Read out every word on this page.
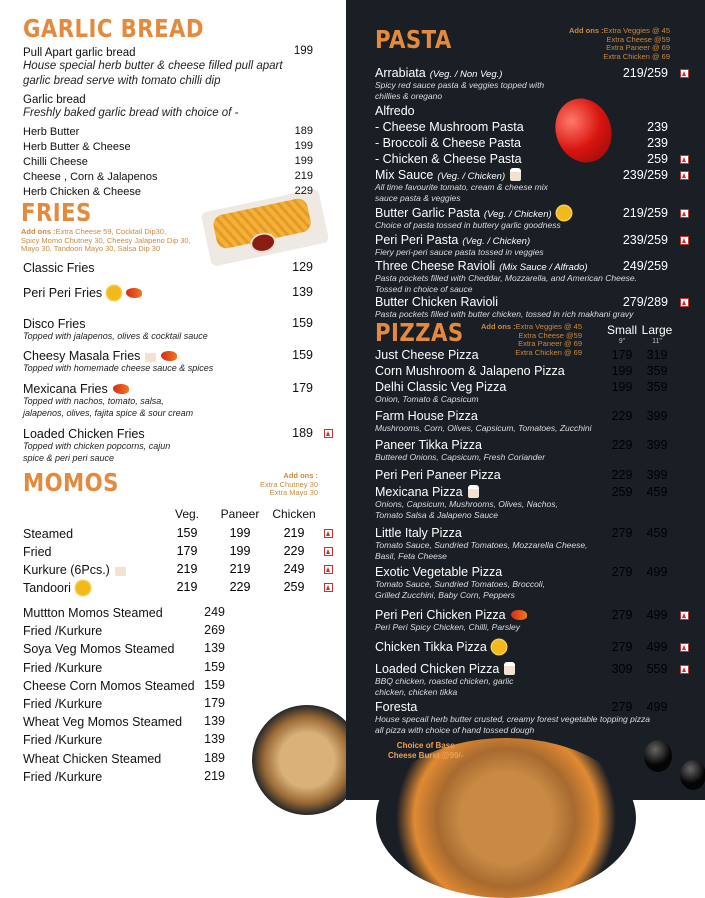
GARLIC BREAD
Pull Apart garlic bread	199
House special herb butter & cheese filled pull apart
garlic bread serve with tomato chilli dip
Garlic bread
Freshly baked garlic bread with choice of -
Herb Butter	189
Herb Butter & Cheese	199
Chilli Cheese	199
Cheese , Corn & Jalapenos	219
Herb Chicken & Cheese	229
FRIES
Add ons :Extra Cheese 59, Cocktail Dip30,
Spicy Momo Chutney 30, Cheesy Jalapeno Dip 30,
Mayo 30, Tandoori Mayo 30, Salsa Dip 30
Classic Fries	129
Peri Peri Fries	139
Disco Fries	159
Topped with jalapenos, olives & cocktail sauce
Cheesy Masala Fries	159
Topped with homemade cheese sauce & spices
Mexicana Fries	179
Topped with nachos, tomato, salsa,
jalapenos, olives, fajita spice & sour cream
Loaded Chicken Fries	189
Topped with chicken popcorns, cajun
spice & peri peri sauce
MOMOS	Add ons :
Extra Chutney 30
Extra Mayo 30
Veg.	Paneer	Chicken
Steamed	159	199	219
Fried	179	199	229
Kurkure (6Pcs.)	219	219	249
Tandoori	219	229	259
Muttton Momos Steamed	249
Fried /Kurkure	269
Soya Veg Momos Steamed 139
Fried /Kurkure	159
Cheese Corn Momos Steamed 159
Fried /Kurkure	179
Wheat Veg Momos Steamed 139
Fried /Kurkure	139
Wheat Chicken Steamed	189
Fried /Kurkure	219
PASTA	Add ons :Extra Veggies @ 45
Extra Cheese @59
Extra Paneer @ 69
Extra Chicken @ 69
Arrabiata (Veg. / Non Veg.)	219/259
Spicy red sauce pasta & veggies topped with
chillies & oregano
Alfredo
- Cheese Mushroom Pasta	239
- Broccoli & Cheese Pasta	239
- Chicken & Cheese Pasta	259
Mix Sauce (Veg. / Chicken)	239/259
All time favourite tomato, cream & cheese mix
sauce pasta & veggies
Butter Garlic Pasta (Veg. / Chicken)	219/259
Choice of pasta tossed in buttery garlic goodness
Peri Peri Pasta (Veg. / Chicken)	239/259
Fiery peri-peri sauce pasta tossed in veggies
Three Cheese Ravioli (Mix Sauce / Alfrado)	249/259
Pasta pockets filled with Cheddar, Mozzarella, and American Cheese.
Tossed in choice of sauce
Butter Chicken Ravioli	279/289
Pasta pockets filled with butter chicken, tossed in rich makhani gravy
PIZZAS Add ons :Extra Veggies @ 45
Extra Cheese @59
Extra Paneer @ 69
Extra Chicken @ 69
Small
9"
Large
11"
Just Cheese Pizza	179	319
Corn Mushroom & Jalapeno Pizza	199	359
Delhi Classic Veg Pizza	199	359
Onion, Tomato & Capsicum
Farm House Pizza	229	399
Mushrooms, Corn, Olives, Capsicum, Tomatoes, Zucchini
Paneer Tikka Pizza	229	399
Buttered Onions, Capsicum, Fresh Coriander
Peri Peri Paneer Pizza	229	399
Mexicana Pizza	259	459
Onions, Capsicum, Mushrooms, Olives, Nachos,
Tomato Salsa & Jalapeno Sauce
Little Italy Pizza	279	459
Tomato Sauce, Sundried Tomatoes, Mozzarella Cheese,
Basil, Feta Cheese
Exotic Vegetable Pizza	279	499
Tomato Sauce, Sundried Tomatoes, Broccoli,
Grilled Zucchini, Baby Corn, Peppers
Peri Peri Chicken Pizza	279	499
Peri Peri Spicy Chicken, Chilli, Parsley
Chicken Tikka Pizza	279	499
Loaded Chicken Pizza	309	559
BBQ chicken, roasted chicken, garlic
chicken, chicken tikka
Foresta	279	499
House specail herb butter crusted, creamy forest vegetable topping pizza
all pizza with choice of hand tossed dough
Choice of Base
Cheese Burst @99/-
